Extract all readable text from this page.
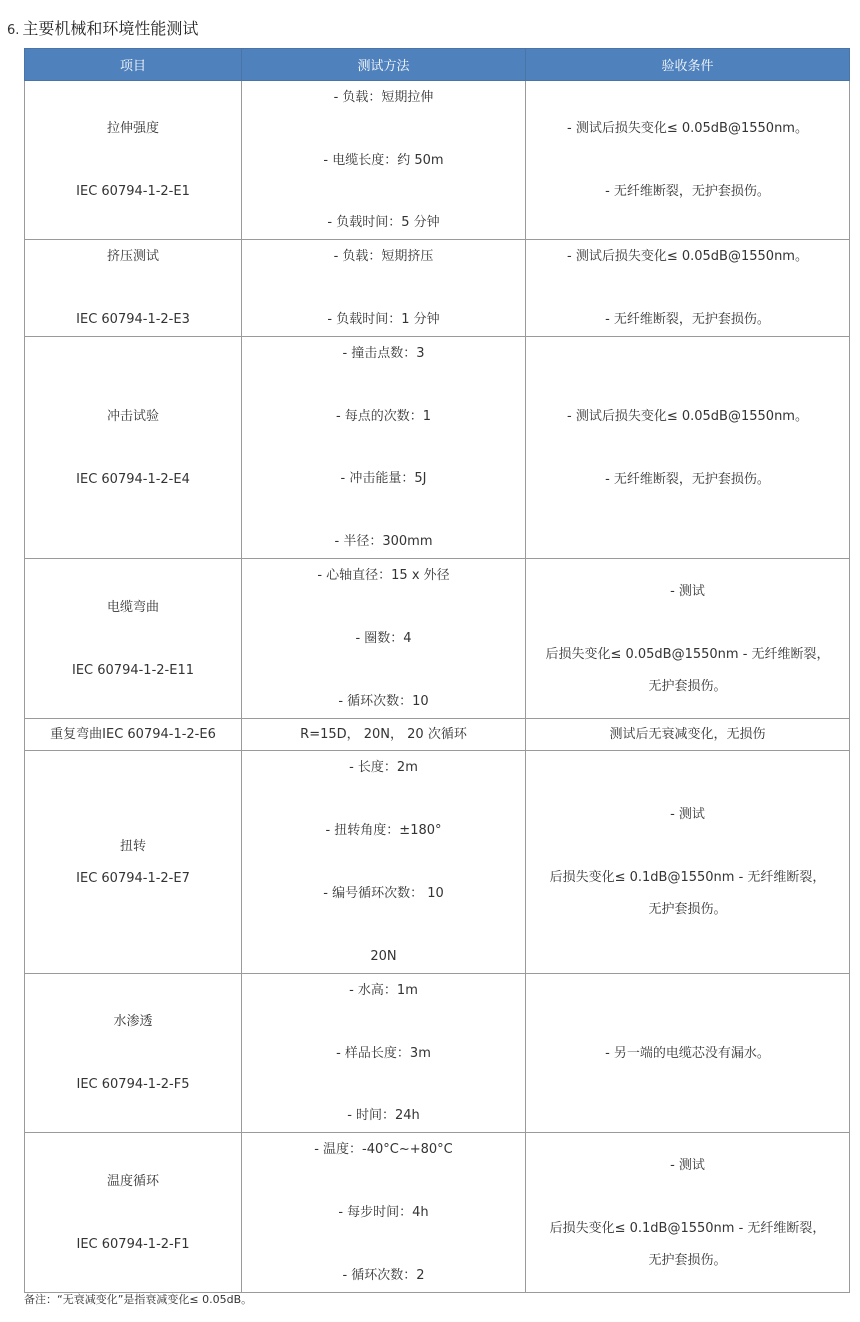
6. 主要机械和环境性能测试
项目	测试方法	验收条件

拉伸强度
IEC 60794-1-2-E1	- 负载：短期拉伸
- 电缆长度：约 50m
- 负载时间：5 分钟	- 测试后损失变化≤ 0.05dB@1550nm。
- 无纤维断裂，无护套损伤。

挤压测试
IEC 60794-1-2-E3	- 负载：短期挤压
- 负载时间：1 分钟	- 测试后损失变化≤ 0.05dB@1550nm。
- 无纤维断裂，无护套损伤。

冲击试验
IEC 60794-1-2-E4	- 撞击点数：3
- 每点的次数：1
- 冲击能量：5J
- 半径：300mm	- 测试后损失变化≤ 0.05dB@1550nm。
- 无纤维断裂，无护套损伤。

电缆弯曲
IEC 60794-1-2-E11	- 心轴直径：15 x 外径
- 圈数：4
- 循环次数：10	- 测试
后损失变化≤ 0.05dB@1550nm - 无纤维断裂，
无护套损伤。

重复弯曲IEC 60794-1-2-E6	R=15D， 20N， 20 次循环	测试后无衰减变化，无损伤

扭转
IEC 60794-1-2-E7	- 长度：2m
- 扭转角度：±180°
- 编号循环次数： 10
20N	- 测试
后损失变化≤ 0.1dB@1550nm - 无纤维断裂，
无护套损伤。

水渗透
IEC 60794-1-2-F5	- 水高：1m
- 样品长度：3m
- 时间：24h	- 另一端的电缆芯没有漏水。

温度循环
IEC 60794-1-2-F1	- 温度：-40°C~+80°C
- 每步时间：4h
- 循环次数：2	- 测试
后损失变化≤ 0.1dB@1550nm - 无纤维断裂，
无护套损伤。
备注：“无衰减变化”是指衰减变化≤ 0.05dB。
